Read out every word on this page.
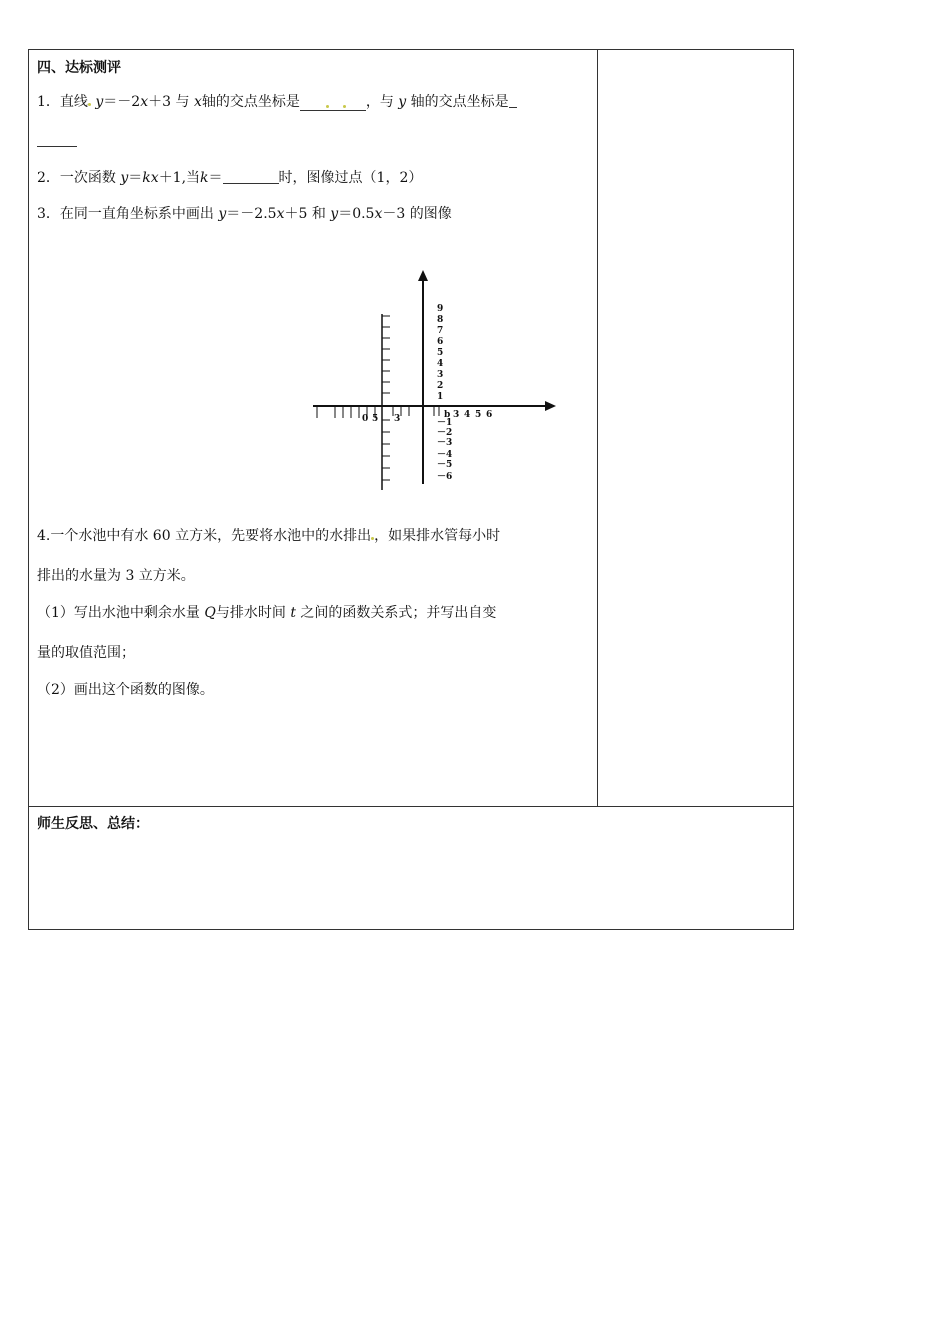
四、达标测评
1．直线 y＝－2x＋3 与 x轴的交点坐标是	，与 y 轴的交点坐标是
2．一次函数 y＝kx＋1,当k＝	时，图像过点（1，2）
3．在同一直角坐标系中画出 y＝－2.5x＋5 和 y＝0.5x－3 的图像
9
8
7
6
5
4
3
2
1
－1
－2
－3
－4
－5
－6
b 3 4 5 6
0 5 3
4.一个水池中有水 60 立方米，先要将水池中的水排出 ，如果排水管每小时
排出的水量为 3 立方米。
（1）写出水池中剩余水量 Q与排水时间 t 之间的函数关系式；并写出自变
量的取值范围；
（2）画出这个函数的图像。
师生反思、总结：
